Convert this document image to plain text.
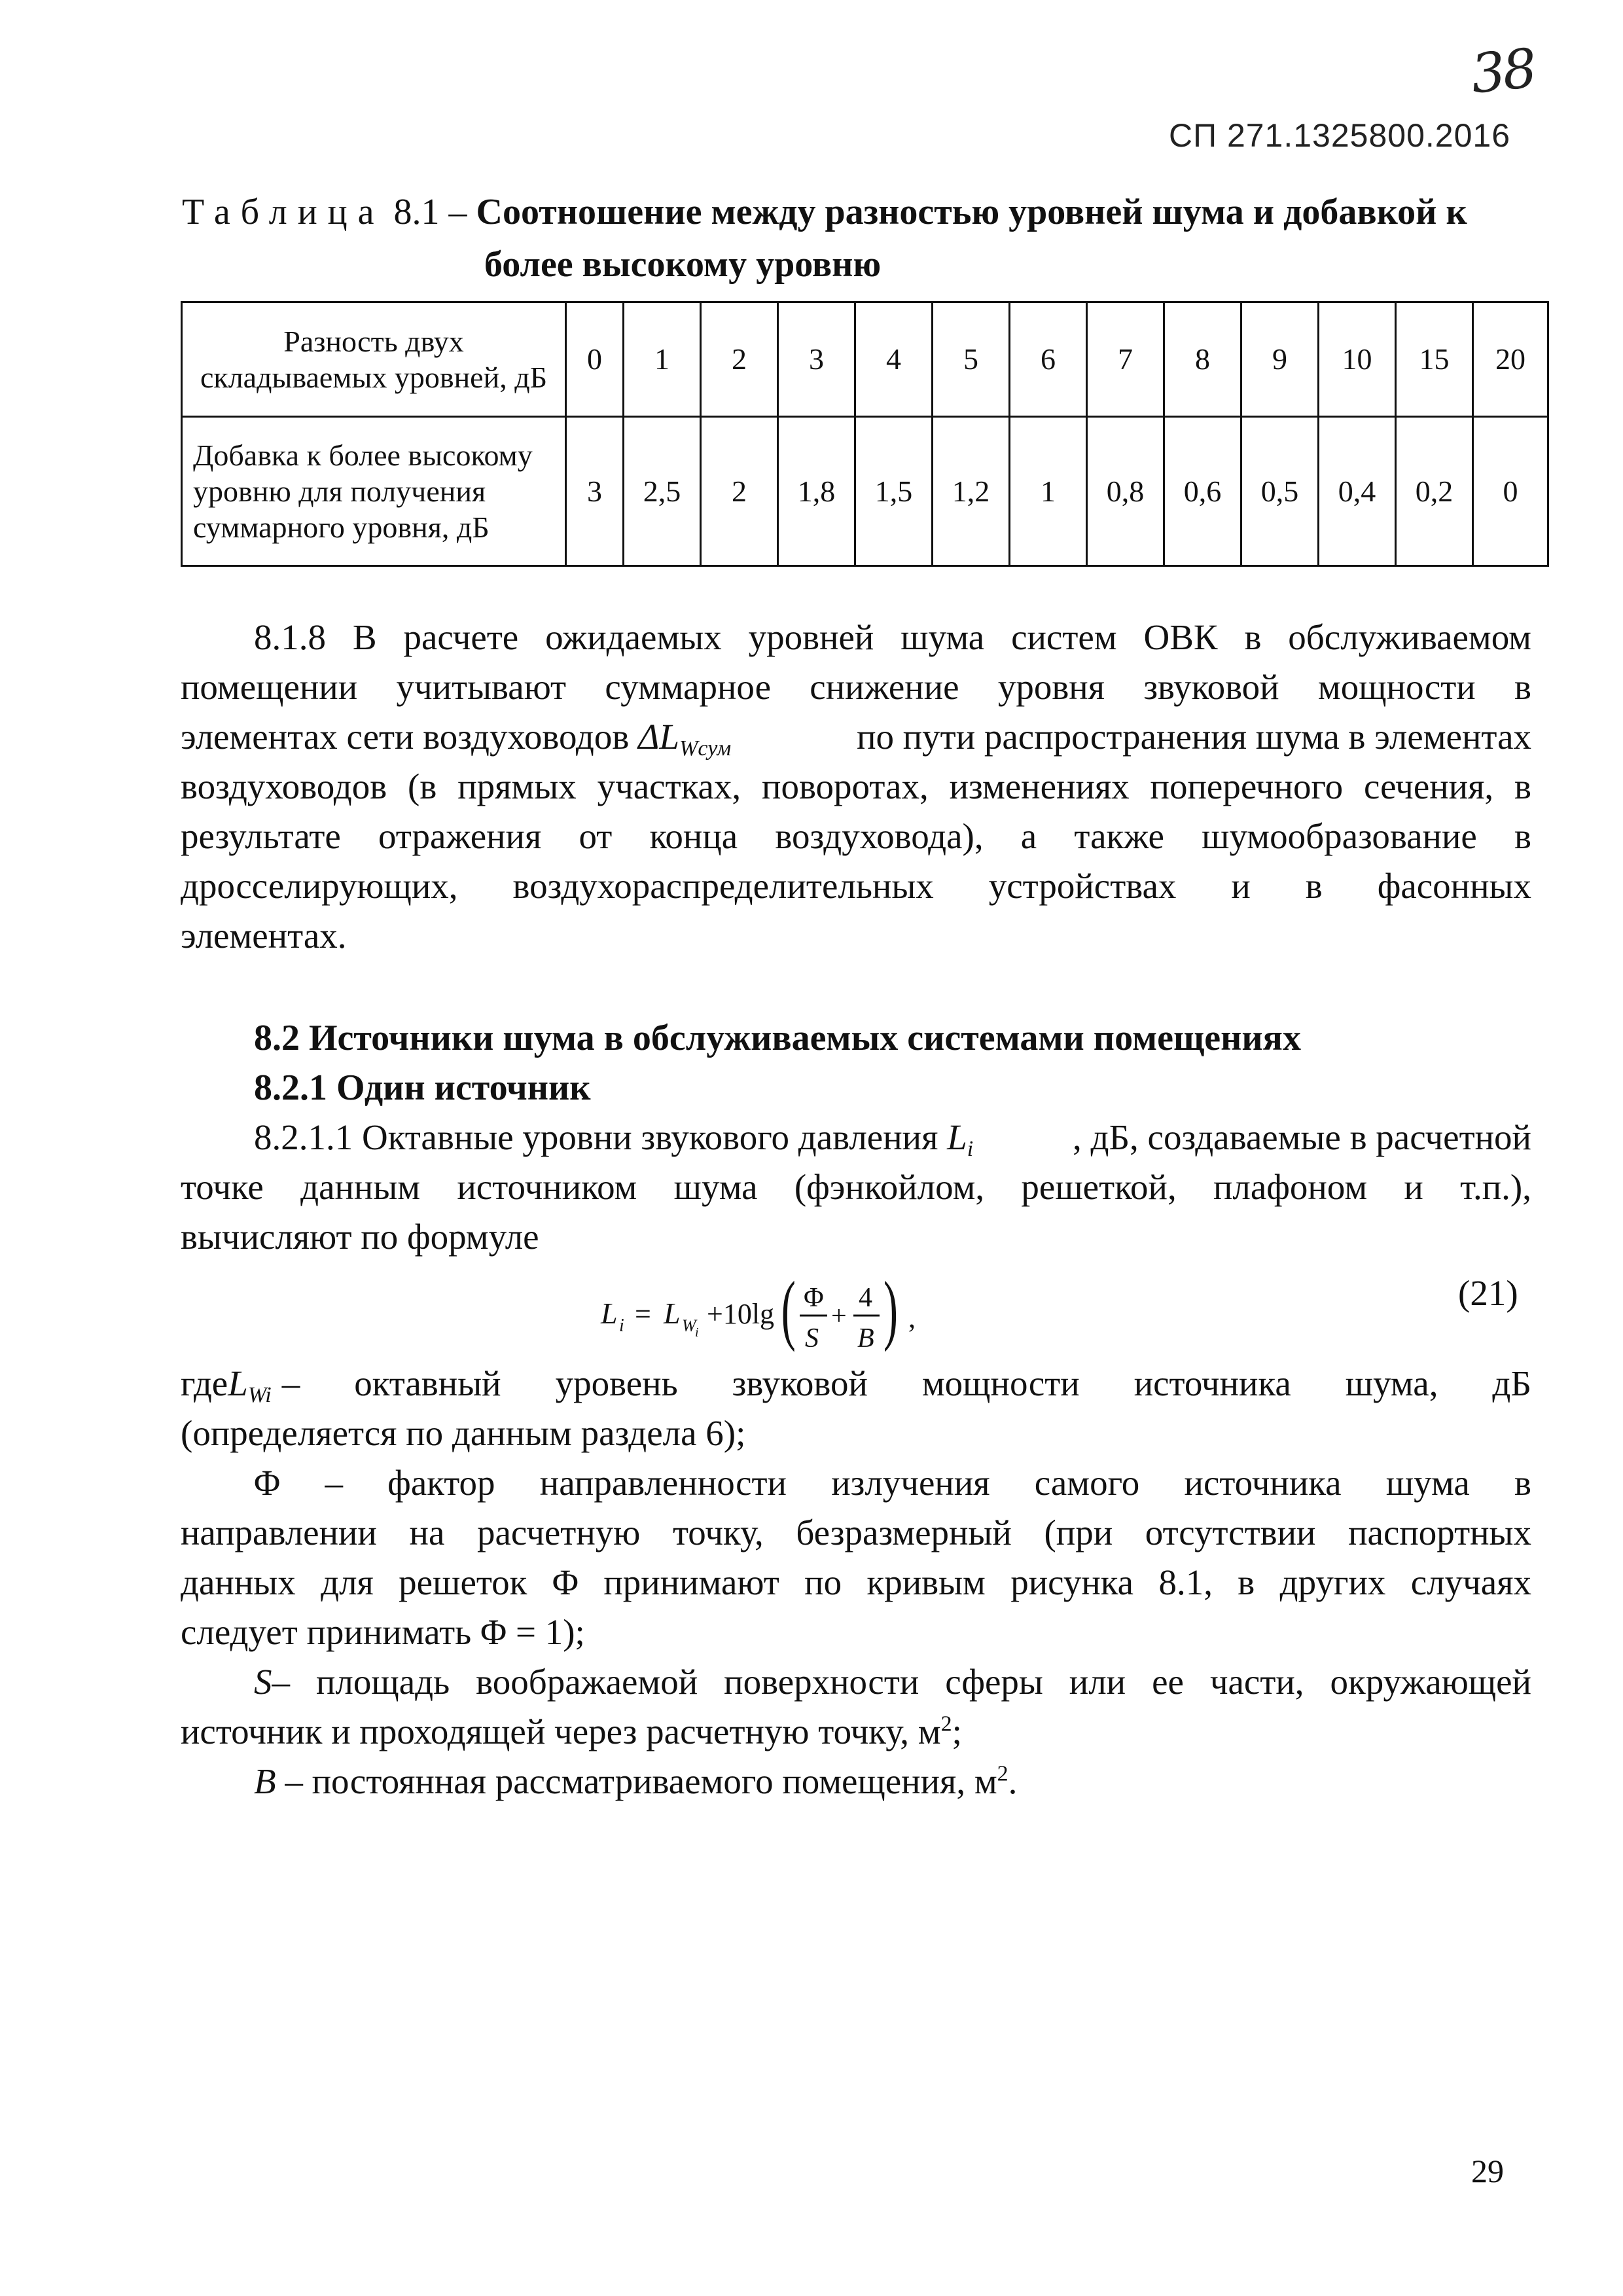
38
СП 271.1325800.2016
Таблица 8.1 – Соотношение между разностью уровней шума и добавкой к
более высокому уровню
Разность двух складываемых уровней, дБ	0	1	2	3	4	5	6	7	8	9	10	15	20
Добавка к более высокому уровню для получения суммарного уровня, дБ	3	2,5	2	1,8	1,5	1,2	1	0,8	0,6	0,5	0,4	0,2	0
8.1.8 В расчете ожидаемых уровней шума систем ОВК в обслуживаемом
помещении учитывают суммарное снижение уровня звуковой мощности в
элементах сети воздуховодов $\Delta L_{Wсум}$	по пути распространения шума в элементах
воздуховодов (в прямых участках, поворотах, изменениях поперечного сечения, в
результате отражения от конца воздуховода), а также шумообразование в
дросселирующих, воздухораспределительных устройствах и в фасонных
элементах.
8.2 Источники шума в обслуживаемых системами помещениях
8.2.1 Один источник
8.2.1.1 Октавные уровни звукового давления $L_i$	, дБ, создаваемые в расчетной
точке данным источником шума (фэнкойлом, решеткой, плафоном и т.п.),
вычисляют по формуле
L i = L W
i
+10lg ( Φ
S
+
4
B ) ,
(21)
где $L_{Wi}$ – октавный уровень звуковой мощности источника шума, дБ
(определяется по данным раздела 6);
Φ – фактор направленности излучения самого источника шума в
направлении на расчетную точку, безразмерный (при отсутствии паспортных
данных для решеток Φ принимают по кривым рисунка 8.1, в других случаях
следует принимать Φ = 1);
S – площадь воображаемой поверхности сферы или ее части, окружающей
источник и проходящей через расчетную точку, $м^2$;
B – постоянная рассматриваемого помещения, $м^2$.
29
